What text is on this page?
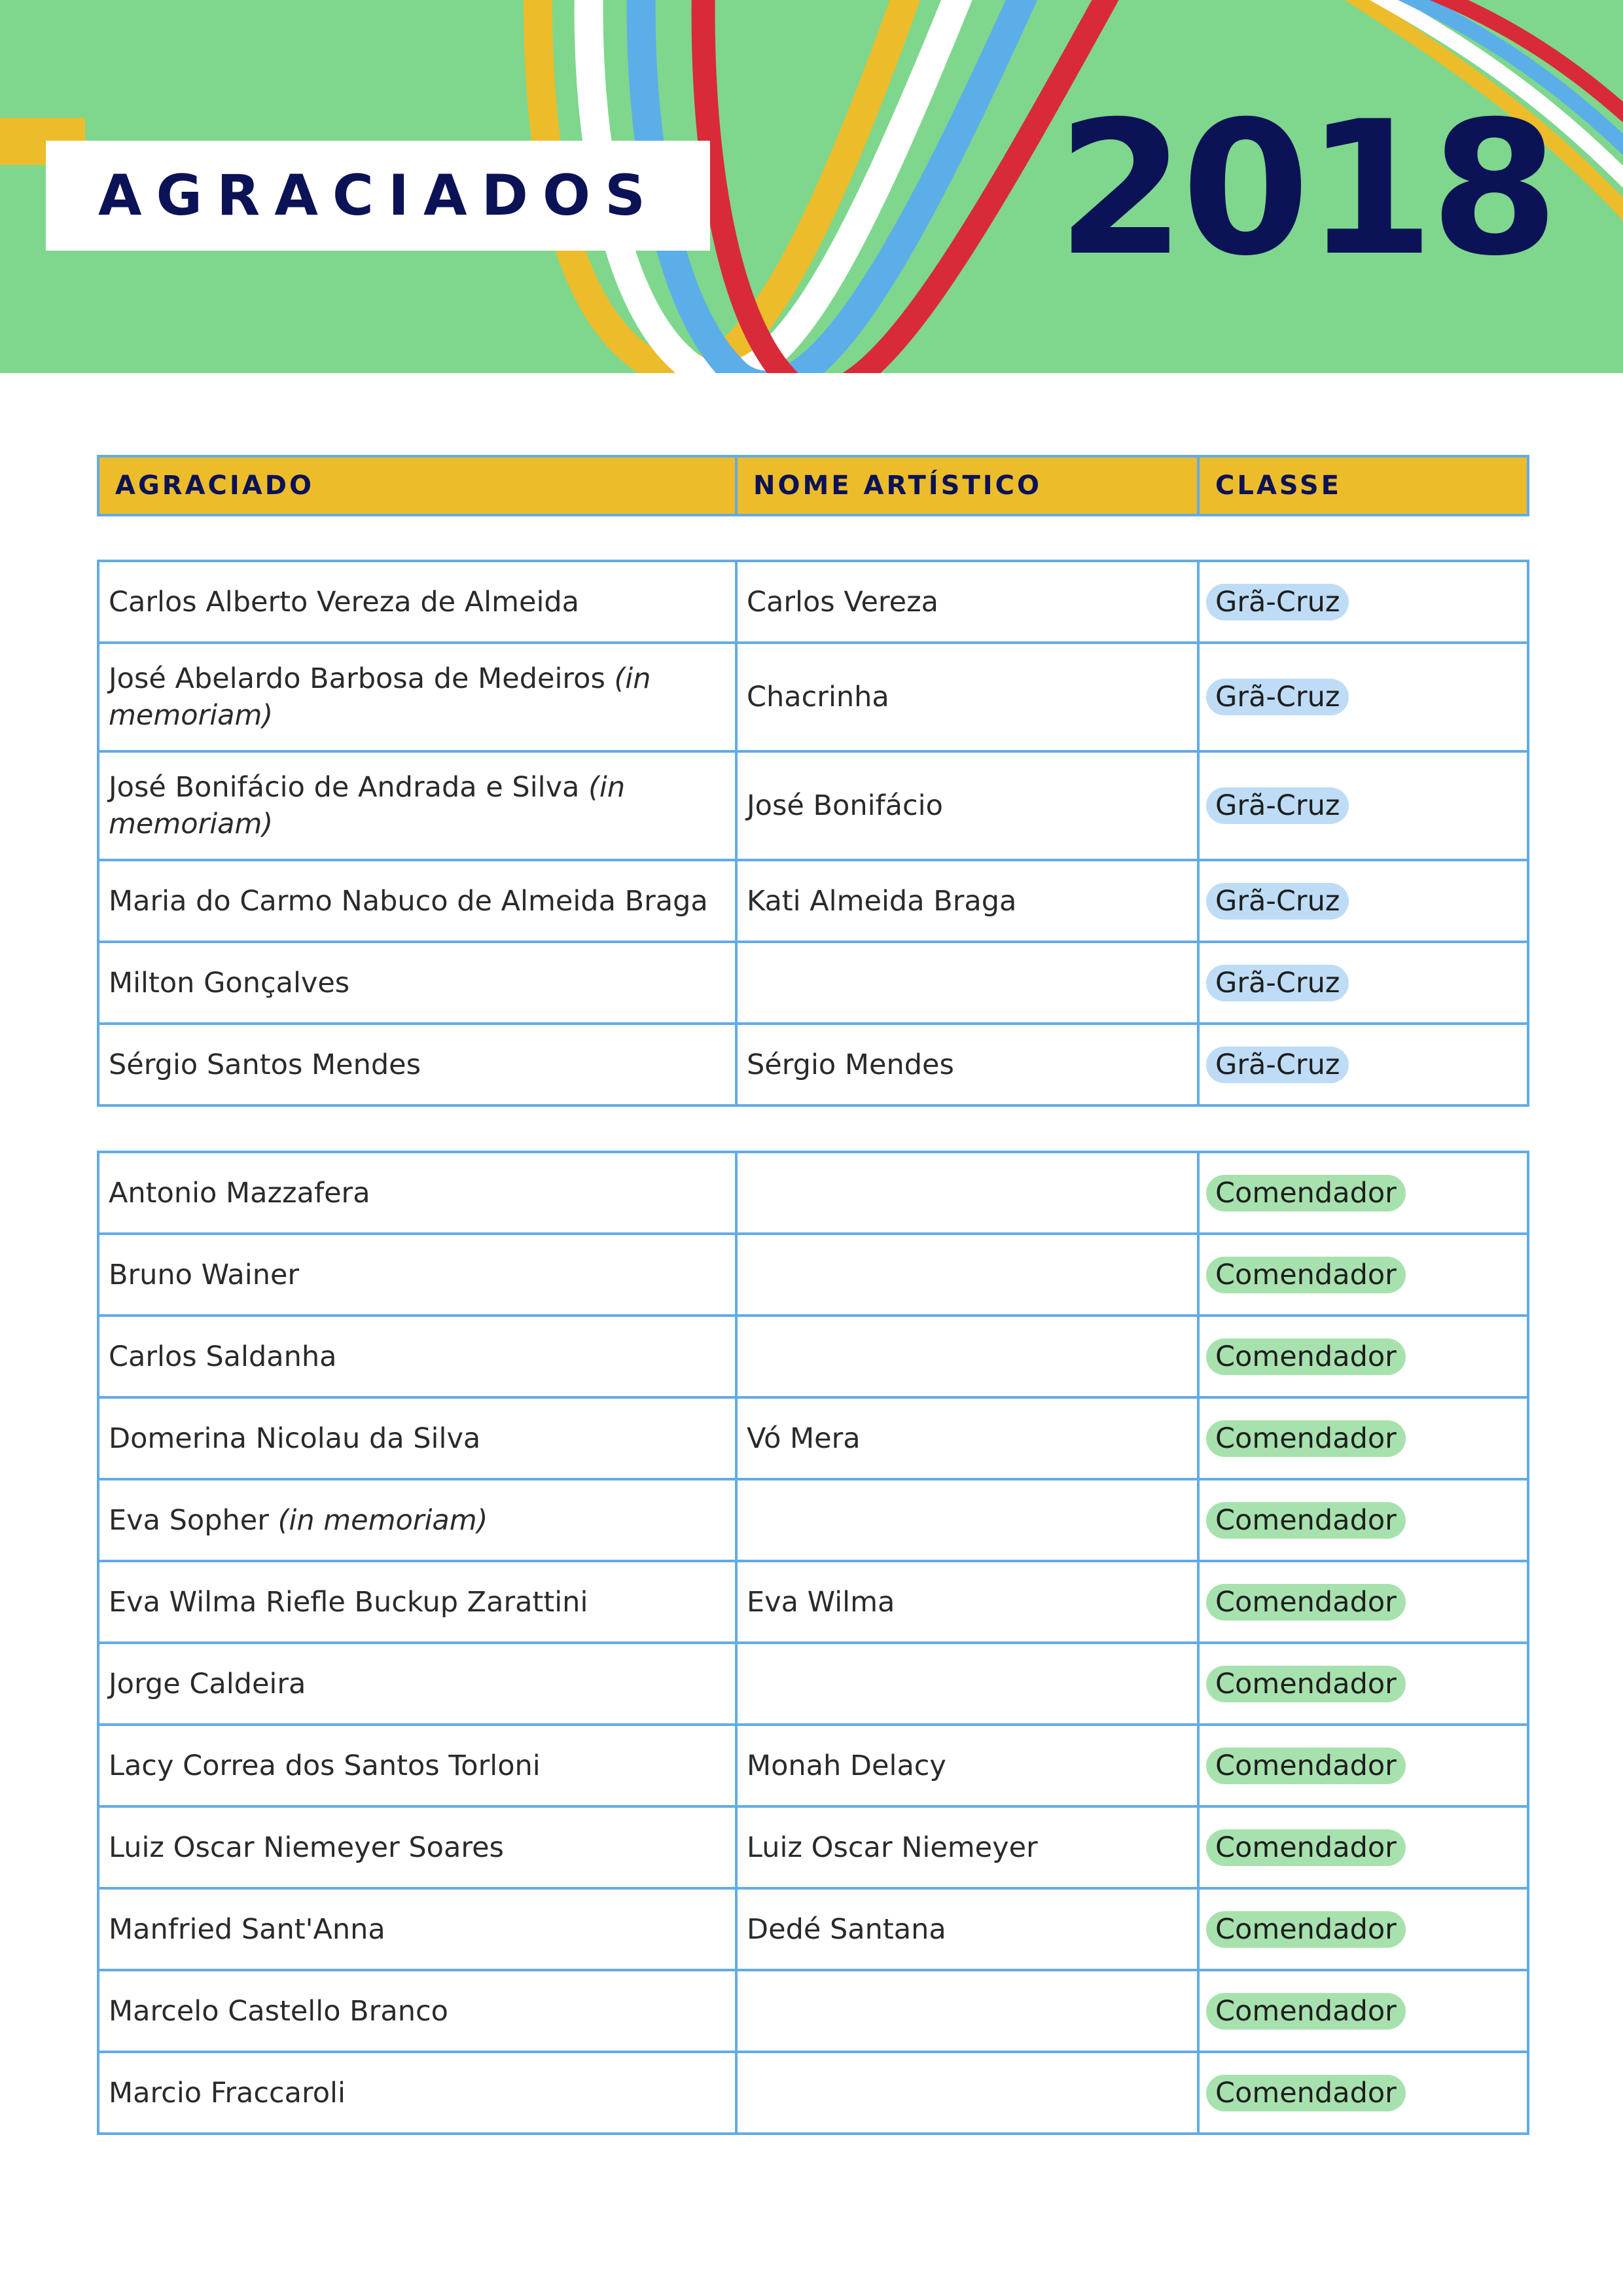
AGRACIADOS 2018
AGRACIADO	NOME ARTÍSTICO	CLASSE
Carlos Alberto Vereza de Almeida	Carlos Vereza	Grã-Cruz
José Abelardo Barbosa de Medeiros (in memoriam)	Chacrinha	Grã-Cruz
José Bonifácio de Andrada e Silva (in memoriam)	José Bonifácio	Grã-Cruz
Maria do Carmo Nabuco de Almeida Braga	Kati Almeida Braga	Grã-Cruz
Milton Gonçalves		Grã-Cruz
Sérgio Santos Mendes	Sérgio Mendes	Grã-Cruz
Antonio Mazzafera		Comendador
Bruno Wainer		Comendador
Carlos Saldanha		Comendador
Domerina Nicolau da Silva	Vó Mera	Comendador
Eva Sopher (in memoriam)		Comendador
Eva Wilma Riefle Buckup Zarattini	Eva Wilma	Comendador
Jorge Caldeira		Comendador
Lacy Correa dos Santos Torloni	Monah Delacy	Comendador
Luiz Oscar Niemeyer Soares	Luiz Oscar Niemeyer	Comendador
Manfried Sant'Anna	Dedé Santana	Comendador
Marcelo Castello Branco		Comendador
Marcio Fraccaroli		Comendador
